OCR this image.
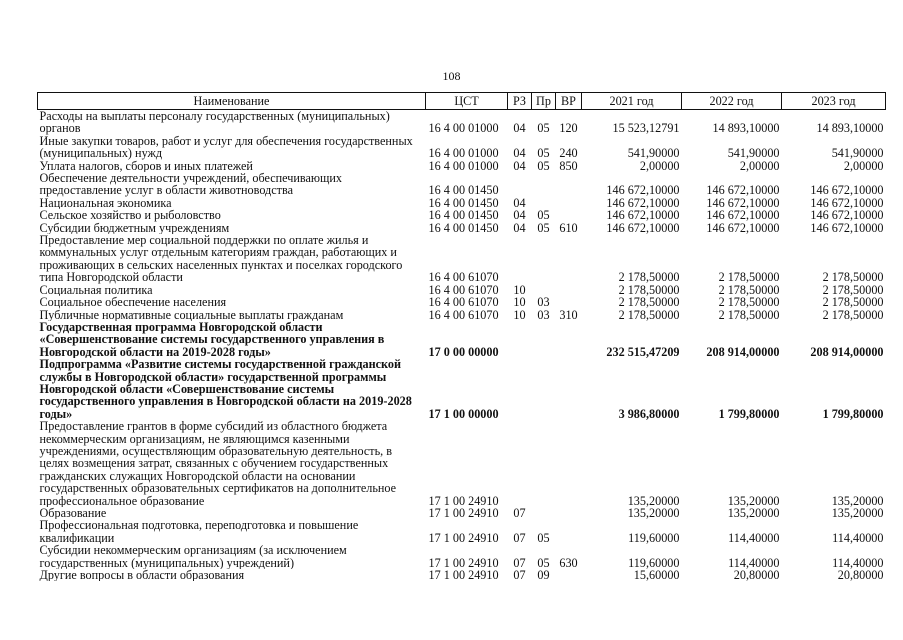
108
Наименование	ЦСТ	РЗ	Пр	ВР	2021 год	2022 год	2023 год
Расходы на выплаты персоналу государственных (муниципальных) органов	16 4 00 01000	04	05	120	15 523,12791	14 893,10000	14 893,10000
Иные закупки товаров, работ и услуг для обеспечения государственных (муниципальных) нужд	16 4 00 01000	04	05	240	541,90000	541,90000	541,90000
Уплата налогов, сборов и иных платежей	16 4 00 01000	04	05	850	2,00000	2,00000	2,00000
Обеспечение деятельности учреждений, обеспечивающих предоставление услуг в области животноводства	16 4 00 01450				146 672,10000	146 672,10000	146 672,10000
Национальная экономика	16 4 00 01450	04			146 672,10000	146 672,10000	146 672,10000
Сельское хозяйство и рыболовство	16 4 00 01450	04	05		146 672,10000	146 672,10000	146 672,10000
Субсидии бюджетным учреждениям	16 4 00 01450	04	05	610	146 672,10000	146 672,10000	146 672,10000
Предоставление мер социальной поддержки по оплате жилья и коммунальных услуг отдельным категориям граждан, работающих и проживающих в сельских населенных пунктах и поселках городского типа Новгородской области	16 4 00 61070				2 178,50000	2 178,50000	2 178,50000
Социальная политика	16 4 00 61070	10			2 178,50000	2 178,50000	2 178,50000
Социальное обеспечение населения	16 4 00 61070	10	03		2 178,50000	2 178,50000	2 178,50000
Публичные нормативные социальные выплаты гражданам	16 4 00 61070	10	03	310	2 178,50000	2 178,50000	2 178,50000
Государственная программа Новгородской области «Совершенствование системы государственного управления в Новгородской области на 2019-2028 годы»	17 0 00 00000				232 515,47209	208 914,00000	208 914,00000
Подпрограмма «Развитие системы государственной гражданской службы в Новгородской области» государственной программы Новгородской области «Совершенствование системы государственного управления в Новгородской области на 2019-2028 годы»	17 1 00 00000				3 986,80000	1 799,80000	1 799,80000
Предоставление грантов в форме субсидий из областного бюджета некоммерческим организациям, не являющимся казенными учреждениями, осуществляющим образовательную деятельность, в целях возмещения затрат, связанных с обучением государственных гражданских служащих Новгородской области на основании государственных образовательных сертификатов на дополнительное профессиональное образование	17 1 00 24910				135,20000	135,20000	135,20000
Образование	17 1 00 24910	07			135,20000	135,20000	135,20000
Профессиональная подготовка, переподготовка и повышение квалификации	17 1 00 24910	07	05		119,60000	114,40000	114,40000
Субсидии некоммерческим организациям (за исключением государственных (муниципальных) учреждений)	17 1 00 24910	07	05	630	119,60000	114,40000	114,40000
Другие вопросы в области образования	17 1 00 24910	07	09		15,60000	20,80000	20,80000
